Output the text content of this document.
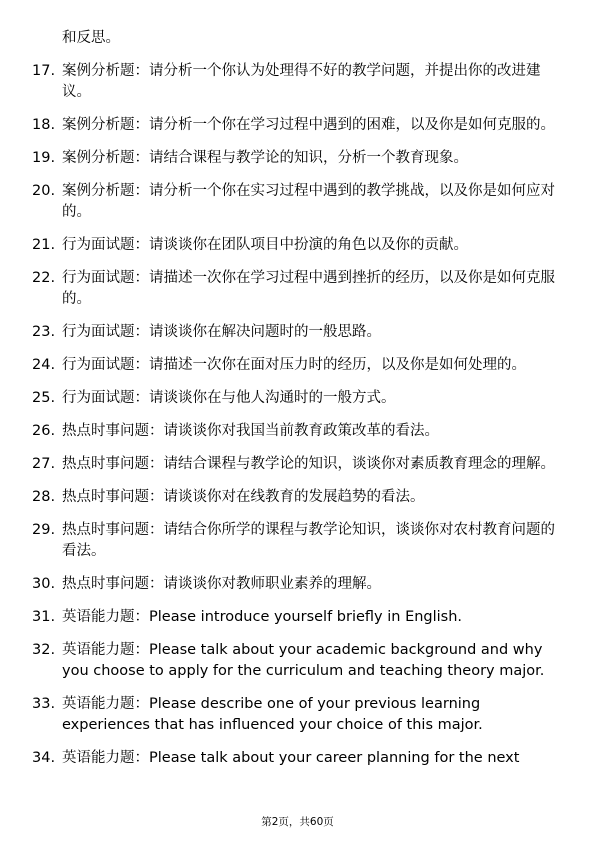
和反思。
17. 案例分析题：请分析一个你认为处理得不好的教学问题，并提出你的改进建议。
18. 案例分析题：请分析一个你在学习过程中遇到的困难，以及你是如何克服的。
19. 案例分析题：请结合课程与教学论的知识，分析一个教育现象。
20. 案例分析题：请分析一个你在实习过程中遇到的教学挑战，以及你是如何应对的。
21. 行为面试题：请谈谈你在团队项目中扮演的角色以及你的贡献。
22. 行为面试题：请描述一次你在学习过程中遇到挫折的经历，以及你是如何克服的。
23. 行为面试题：请谈谈你在解决问题时的一般思路。
24. 行为面试题：请描述一次你在面对压力时的经历，以及你是如何处理的。
25. 行为面试题：请谈谈你在与他人沟通时的一般方式。
26. 热点时事问题：请谈谈你对我国当前教育政策改革的看法。
27. 热点时事问题：请结合课程与教学论的知识，谈谈你对素质教育理念的理解。
28. 热点时事问题：请谈谈你对在线教育的发展趋势的看法。
29. 热点时事问题：请结合你所学的课程与教学论知识，谈谈你对农村教育问题的看法。
30. 热点时事问题：请谈谈你对教师职业素养的理解。
31. 英语能力题：Please introduce yourself briefly in English.
32. 英语能力题：Please talk about your academic background and why you choose to apply for the curriculum and teaching theory major.
33. 英语能力题：Please describe one of your previous learning experiences that has influenced your choice of this major.
34. 英语能力题：Please talk about your career planning for the next
第2页，共60页
